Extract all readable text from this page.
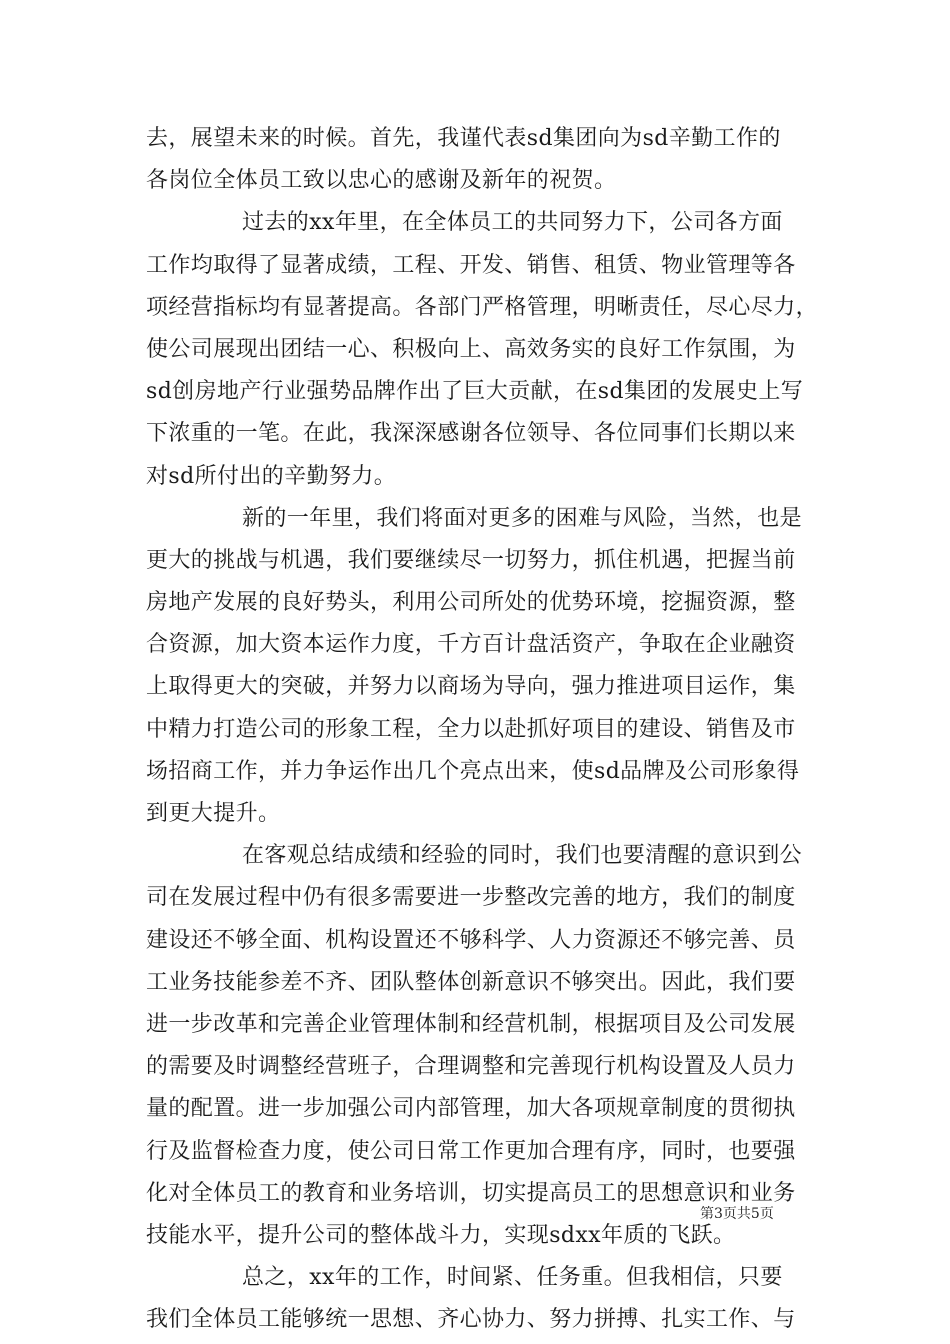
去，展望未来的时候。首先，我谨代表sd集团向为sd辛勤工作的
各岗位全体员工致以忠心的感谢及新年的祝贺。
过去的xx年里，在全体员工的共同努力下，公司各方面
工作均取得了显著成绩，工程、开发、销售、租赁、物业管理等各
项经营指标均有显著提高。各部门严格管理，明晰责任，尽心尽力，
使公司展现出团结一心、积极向上、高效务实的良好工作氛围，为
sd创房地产行业强势品牌作出了巨大贡献，在sd集团的发展史上写
下浓重的一笔。在此，我深深感谢各位领导、各位同事们长期以来
对sd所付出的辛勤努力。
新的一年里，我们将面对更多的困难与风险，当然，也是
更大的挑战与机遇，我们要继续尽一切努力，抓住机遇，把握当前
房地产发展的良好势头，利用公司所处的优势环境，挖掘资源，整
合资源，加大资本运作力度，千方百计盘活资产，争取在企业融资
上取得更大的突破，并努力以商场为导向，强力推进项目运作，集
中精力打造公司的形象工程，全力以赴抓好项目的建设、销售及市
场招商工作，并力争运作出几个亮点出来，使sd品牌及公司形象得
到更大提升。
在客观总结成绩和经验的同时，我们也要清醒的意识到公
司在发展过程中仍有很多需要进一步整改完善的地方，我们的制度
建设还不够全面、机构设置还不够科学、人力资源还不够完善、员
工业务技能参差不齐、团队整体创新意识不够突出。因此，我们要
进一步改革和完善企业管理体制和经营机制，根据项目及公司发展
的需要及时调整经营班子，合理调整和完善现行机构设置及人员力
量的配置。进一步加强公司内部管理，加大各项规章制度的贯彻执
行及监督检查力度，使公司日常工作更加合理有序，同时，也要强
化对全体员工的教育和业务培训，切实提高员工的思想意识和业务
技能水平，提升公司的整体战斗力，实现sdxx年质的飞跃。
总之，xx年的工作，时间紧、任务重。但我相信，只要
我们全体员工能够统一思想、齐心协力、努力拼搏、扎实工作、与
第3页共5页
